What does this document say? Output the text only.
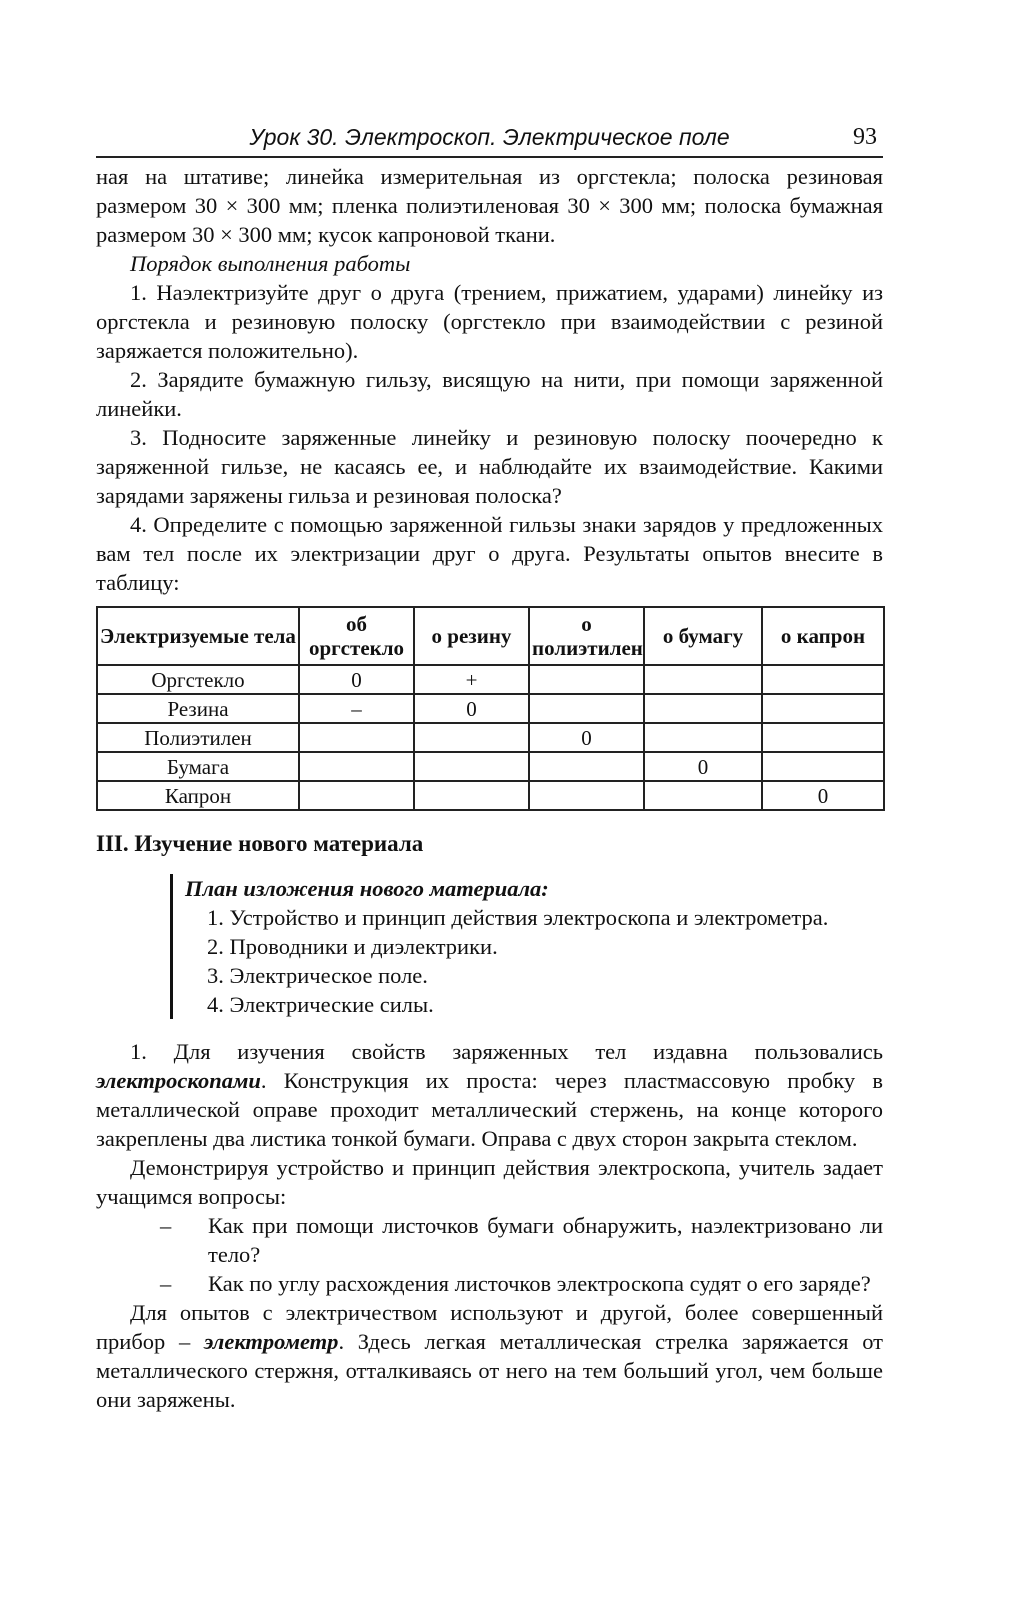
Урок 30. Электроскоп. Электрическое поле	93

ная на штативе; линейка измерительная из оргстекла; полоска резиновая размером 30 × 300 мм; пленка полиэтиленовая 30 × 300 мм; полоска бумажная размером 30 × 300 мм; кусок капроновой ткани.

Порядок выполнения работы

1. Наэлектризуйте друг о друга (трением, прижатием, ударами) линейку из оргстекла и резиновую полоску (оргстекло при взаимодействии с резиной заряжается положительно).

2. Зарядите бумажную гильзу, висящую на нити, при помощи заряженной линейки.

3. Подносите заряженные линейку и резиновую полоску поочередно к заряженной гильзе, не касаясь ее, и наблюдайте их взаимодействие. Какими зарядами заряжены гильза и резиновая полоска?

4. Определите с помощью заряженной гильзы знаки зарядов у предложенных вам тел после их электризации друг о друга. Результаты опытов внесите в таблицу:

Электризуемые тела	об оргстекло	о резину	о полиэтилен	о бумагу	о капрон
Оргстекло	0	+			
Резина	–	0			
Полиэтилен			0		
Бумага				0	
Капрон					0

III. Изучение нового материала

План изложения нового материала:

1. Устройство и принцип действия электроскопа и электрометра.

2. Проводники и диэлектрики.

3. Электрическое поле.

4. Электрические силы.

1. Для изучения свойств заряженных тел издавна пользовались электроскопами. Конструкция их проста: через пластмассовую пробку в металлической оправе проходит металлический стержень, на конце которого закреплены два листика тонкой бумаги. Оправа с двух сторон закрыта стеклом.

Демонстрируя устройство и принцип действия электроскопа, учитель задает учащимся вопросы:

–	Как при помощи листочков бумаги обнаружить, наэлектризовано ли тело?
–	Как по углу расхождения листочков электроскопа судят о его заряде?

Для опытов с электричеством используют и другой, более совершенный прибор – электрометр. Здесь легкая металлическая стрелка заряжается от металлического стержня, отталкиваясь от него на тем больший угол, чем больше они заряжены.
